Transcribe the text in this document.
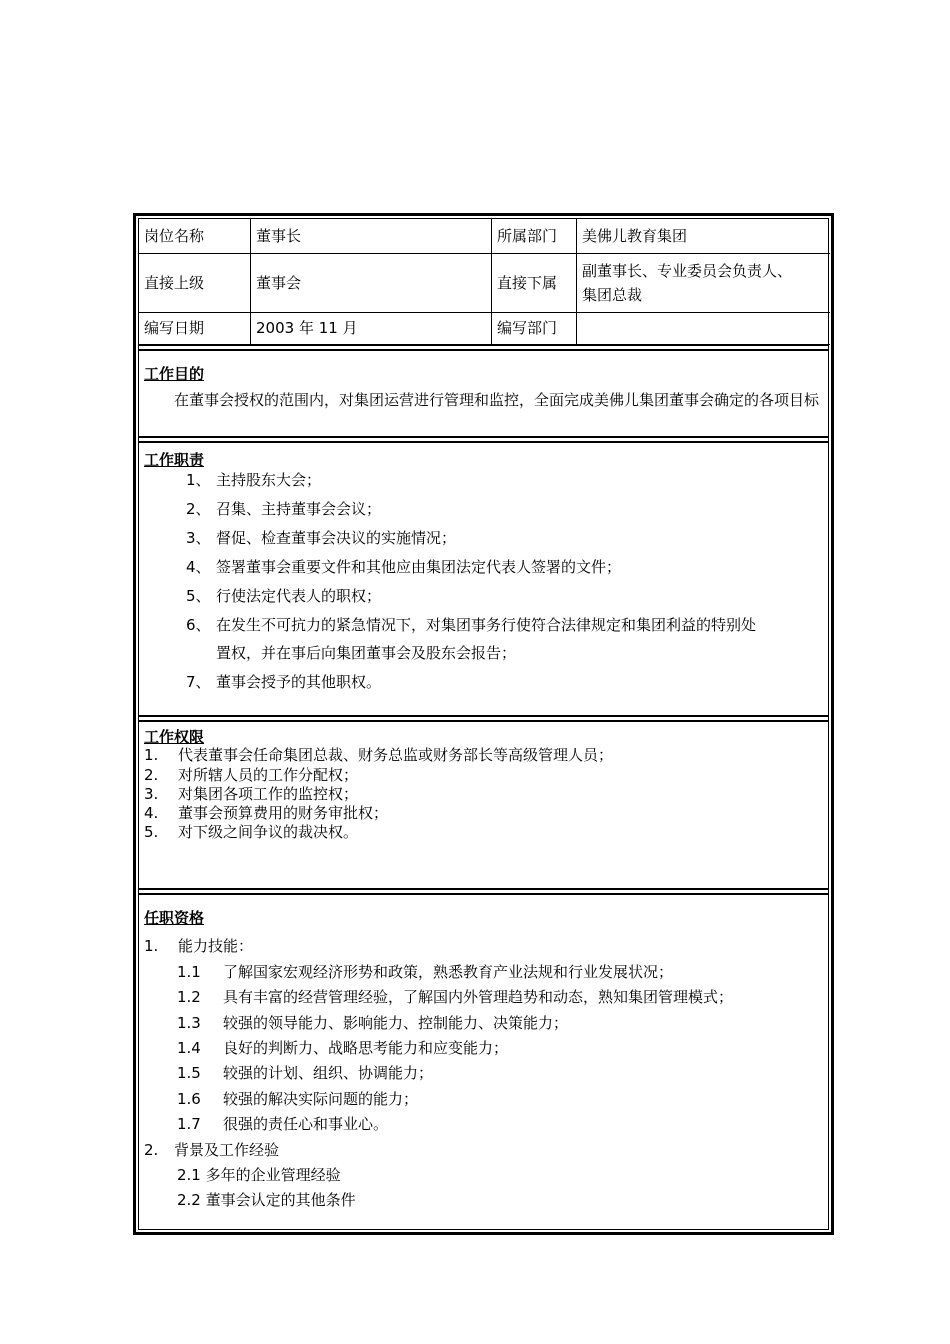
岗位名称	董事长	所属部门	美佛儿教育集团
直接上级	董事会	直接下属	副董事长、专业委员会负责人、
集团总裁

编写日期	2003 年 11 月	编写部门	
工作目的
在董事会授权的范围内，对集团运营进行管理和监控，全面完成美佛儿集团董事会确定的各项目标
工作职责
1、 主持股东大会；
2、 召集、主持董事会会议；
3、 督促、检查董事会决议的实施情况；
4、 签署董事会重要文件和其他应由集团法定代表人签署的文件；
5、 行使法定代表人的职权；
6、 在发生不可抗力的紧急情况下，对集团事务行使符合法律规定和集团利益的特别处
置权，并在事后向集团董事会及股东会报告；
7、 董事会授予的其他职权。
工作权限
1. 代表董事会任命集团总裁、财务总监或财务部长等高级管理人员；
2. 对所辖人员的工作分配权；
3. 对集团各项工作的监控权；
4. 董事会预算费用的财务审批权；
5. 对下级之间争议的裁决权。
任职资格
1. 能力技能：
1.1 了解国家宏观经济形势和政策，熟悉教育产业法规和行业发展状况；
1.2 具有丰富的经营管理经验，了解国内外管理趋势和动态，熟知集团管理模式；
1.3 较强的领导能力、影响能力、控制能力、决策能力；
1.4 良好的判断力、战略思考能力和应变能力；
1.5 较强的计划、组织、协调能力；
1.6 较强的解决实际问题的能力；
1.7 很强的责任心和事业心。
2. 背景及工作经验
2.1 多年的企业管理经验
2.2 董事会认定的其他条件
